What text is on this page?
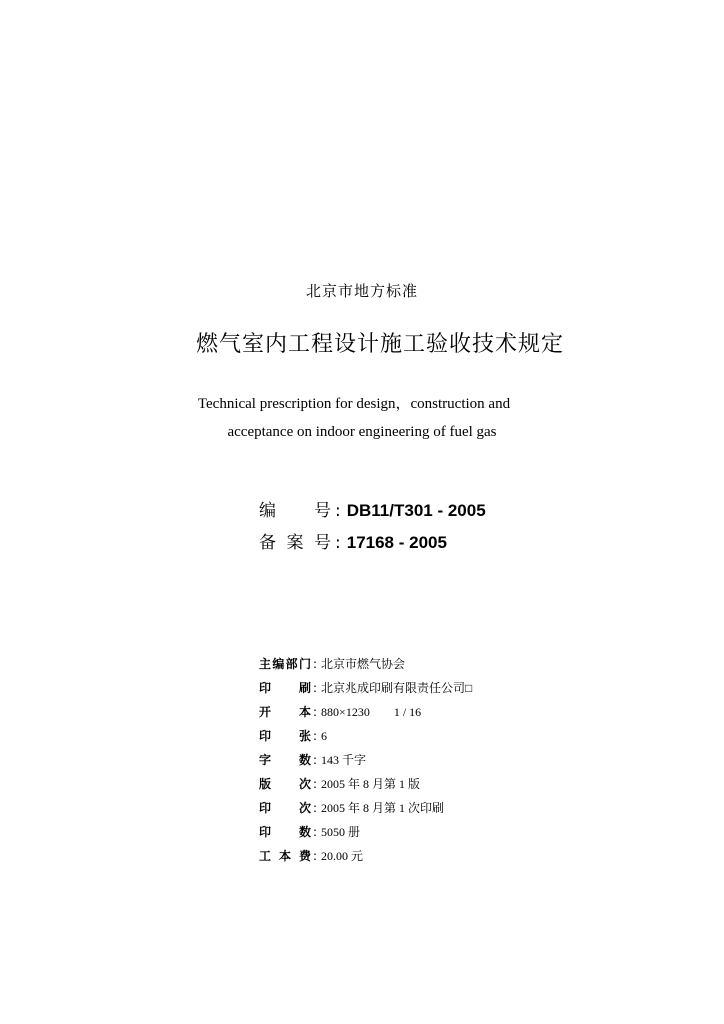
北京市地方标准
燃气室内工程设计施工验收技术规定
Technical prescription for design，construction and
acceptance on indoor engineering of fuel gas
编号 : DB11/T301 - 2005
备案号 : 17168 - 2005
主编部门 : 北京市燃气协会
印刷 : 北京兆成印刷有限责任公司□
开本 : 880×1230　　1 / 16
印张 : 6
字数 : 143 千字
版次 : 2005 年 8 月第 1 版
印次 : 2005 年 8 月第 1 次印刷
印数 : 5050 册
工本费 : 20.00 元
